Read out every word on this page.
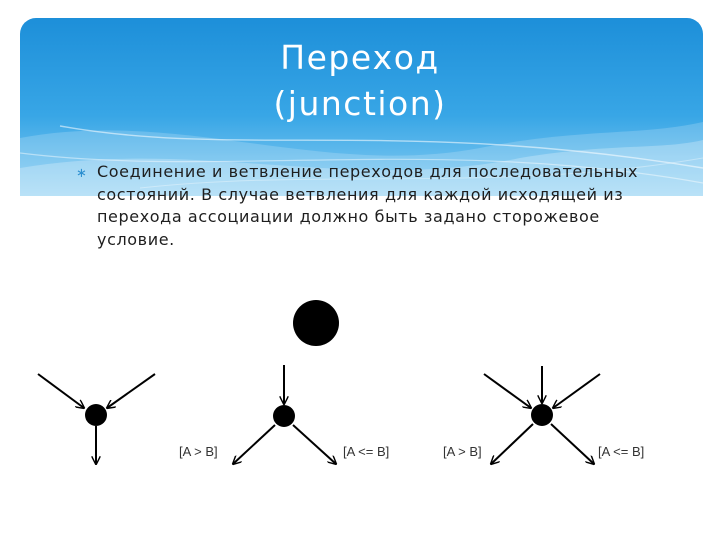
Переход
(junction)
∗ Соединение и ветвление переходов для последовательных состояний. В случае ветвления для каждой исходящей из перехода ассоциации должно быть задано сторожевое условие.
[A > B]	[A <= B]	[A > B]	[A <= B]
